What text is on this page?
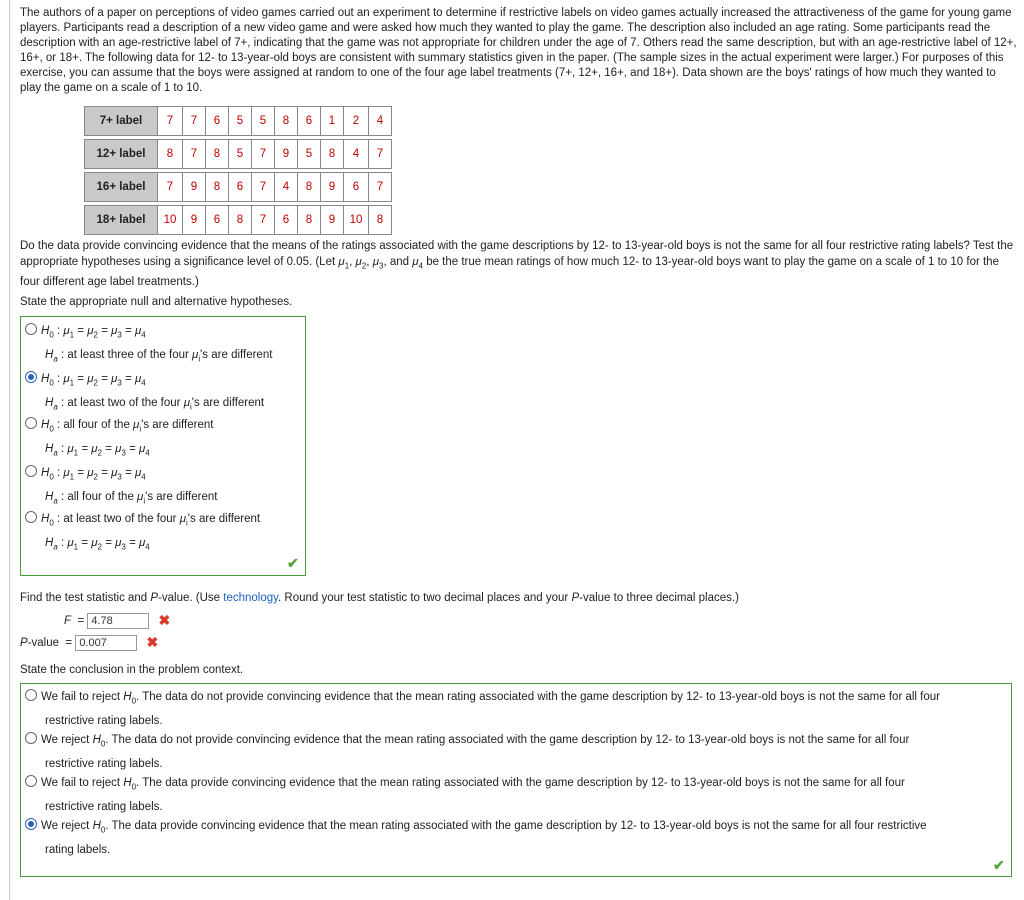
The authors of a paper on perceptions of video games carried out an experiment to determine if restrictive labels on video games actually increased the attractiveness of the game for young game players. Participants read a description of a new video game and were asked how much they wanted to play the game. The description also included an age rating. Some participants read the description with an age-restrictive label of 7+, indicating that the game was not appropriate for children under the age of 7. Others read the same description, but with an age-restrictive label of 12+, 16+, or 18+. The following data for 12- to 13-year-old boys are consistent with summary statistics given in the paper. (The sample sizes in the actual experiment were larger.) For purposes of this exercise, you can assume that the boys were assigned at random to one of the four age label treatments (7+, 12+, 16+, and 18+). Data shown are the boys' ratings of how much they wanted to play the game on a scale of 1 to 10.

7+ label	7	7	6	5	5	8	6	1	2	4

12+ label	8	7	8	5	7	9	5	8	4	7

16+ label	7	9	8	6	7	4	8	9	6	7

18+ label	10	9	6	8	7	6	8	9	10	8

Do the data provide convincing evidence that the means of the ratings associated with the game descriptions by 12- to 13-year-old boys is not the same for all four restrictive rating labels? Test the appropriate hypotheses using a significance level of 0.05. (Let $\mu_1$, $\mu_2$, $\mu_3$, and $\mu_4$ be the true mean ratings of how much 12- to 13-year-old boys want to play the game on a scale of 1 to 10 for the four different age label treatments.)

State the appropriate null and alternative hypotheses.
$H_0$ : $\mu_1 = \mu_2 = \mu_3 = \mu_4$
$H_a$ : at least three of the four $\mu_i's$ are different
$H_0$ : $\mu_1 = \mu_2 = \mu_3 = \mu_4$
$H_a$ : at least two of the four $\mu_i's$ are different
$H_0$ : all four of the $\mu_i's$ are different
$H_a$ : $\mu_1 = \mu_2 = \mu_3 = \mu_4$
$H_0$ : $\mu_1 = \mu_2 = \mu_3 = \mu_4$
$H_a$ : all four of the $\mu_i's$ are different
$H_0$ : at least two of the four $\mu_i's$ are different
$H_a$ : $\mu_1 = \mu_2 = \mu_3 = \mu_4$
✔
Find the test statistic and P-value. (Use technology. Round your test statistic to two decimal places and your P-value to three decimal places.)
F  = 4.78	✖
P-value  = 0.007	✖
State the conclusion in the problem context.
We fail to reject $H_0$. The data do not provide convincing evidence that the mean rating associated with the game description by 12- to 13-year-old boys is not the same for all four
restrictive rating labels.
We reject $H_0$. The data do not provide convincing evidence that the mean rating associated with the game description by 12- to 13-year-old boys is not the same for all four
restrictive rating labels.
We fail to reject $H_0$. The data provide convincing evidence that the mean rating associated with the game description by 12- to 13-year-old boys is not the same for all four
restrictive rating labels.
We reject $H_0$. The data provide convincing evidence that the mean rating associated with the game description by 12- to 13-year-old boys is not the same for all four restrictive
rating labels.
✔
